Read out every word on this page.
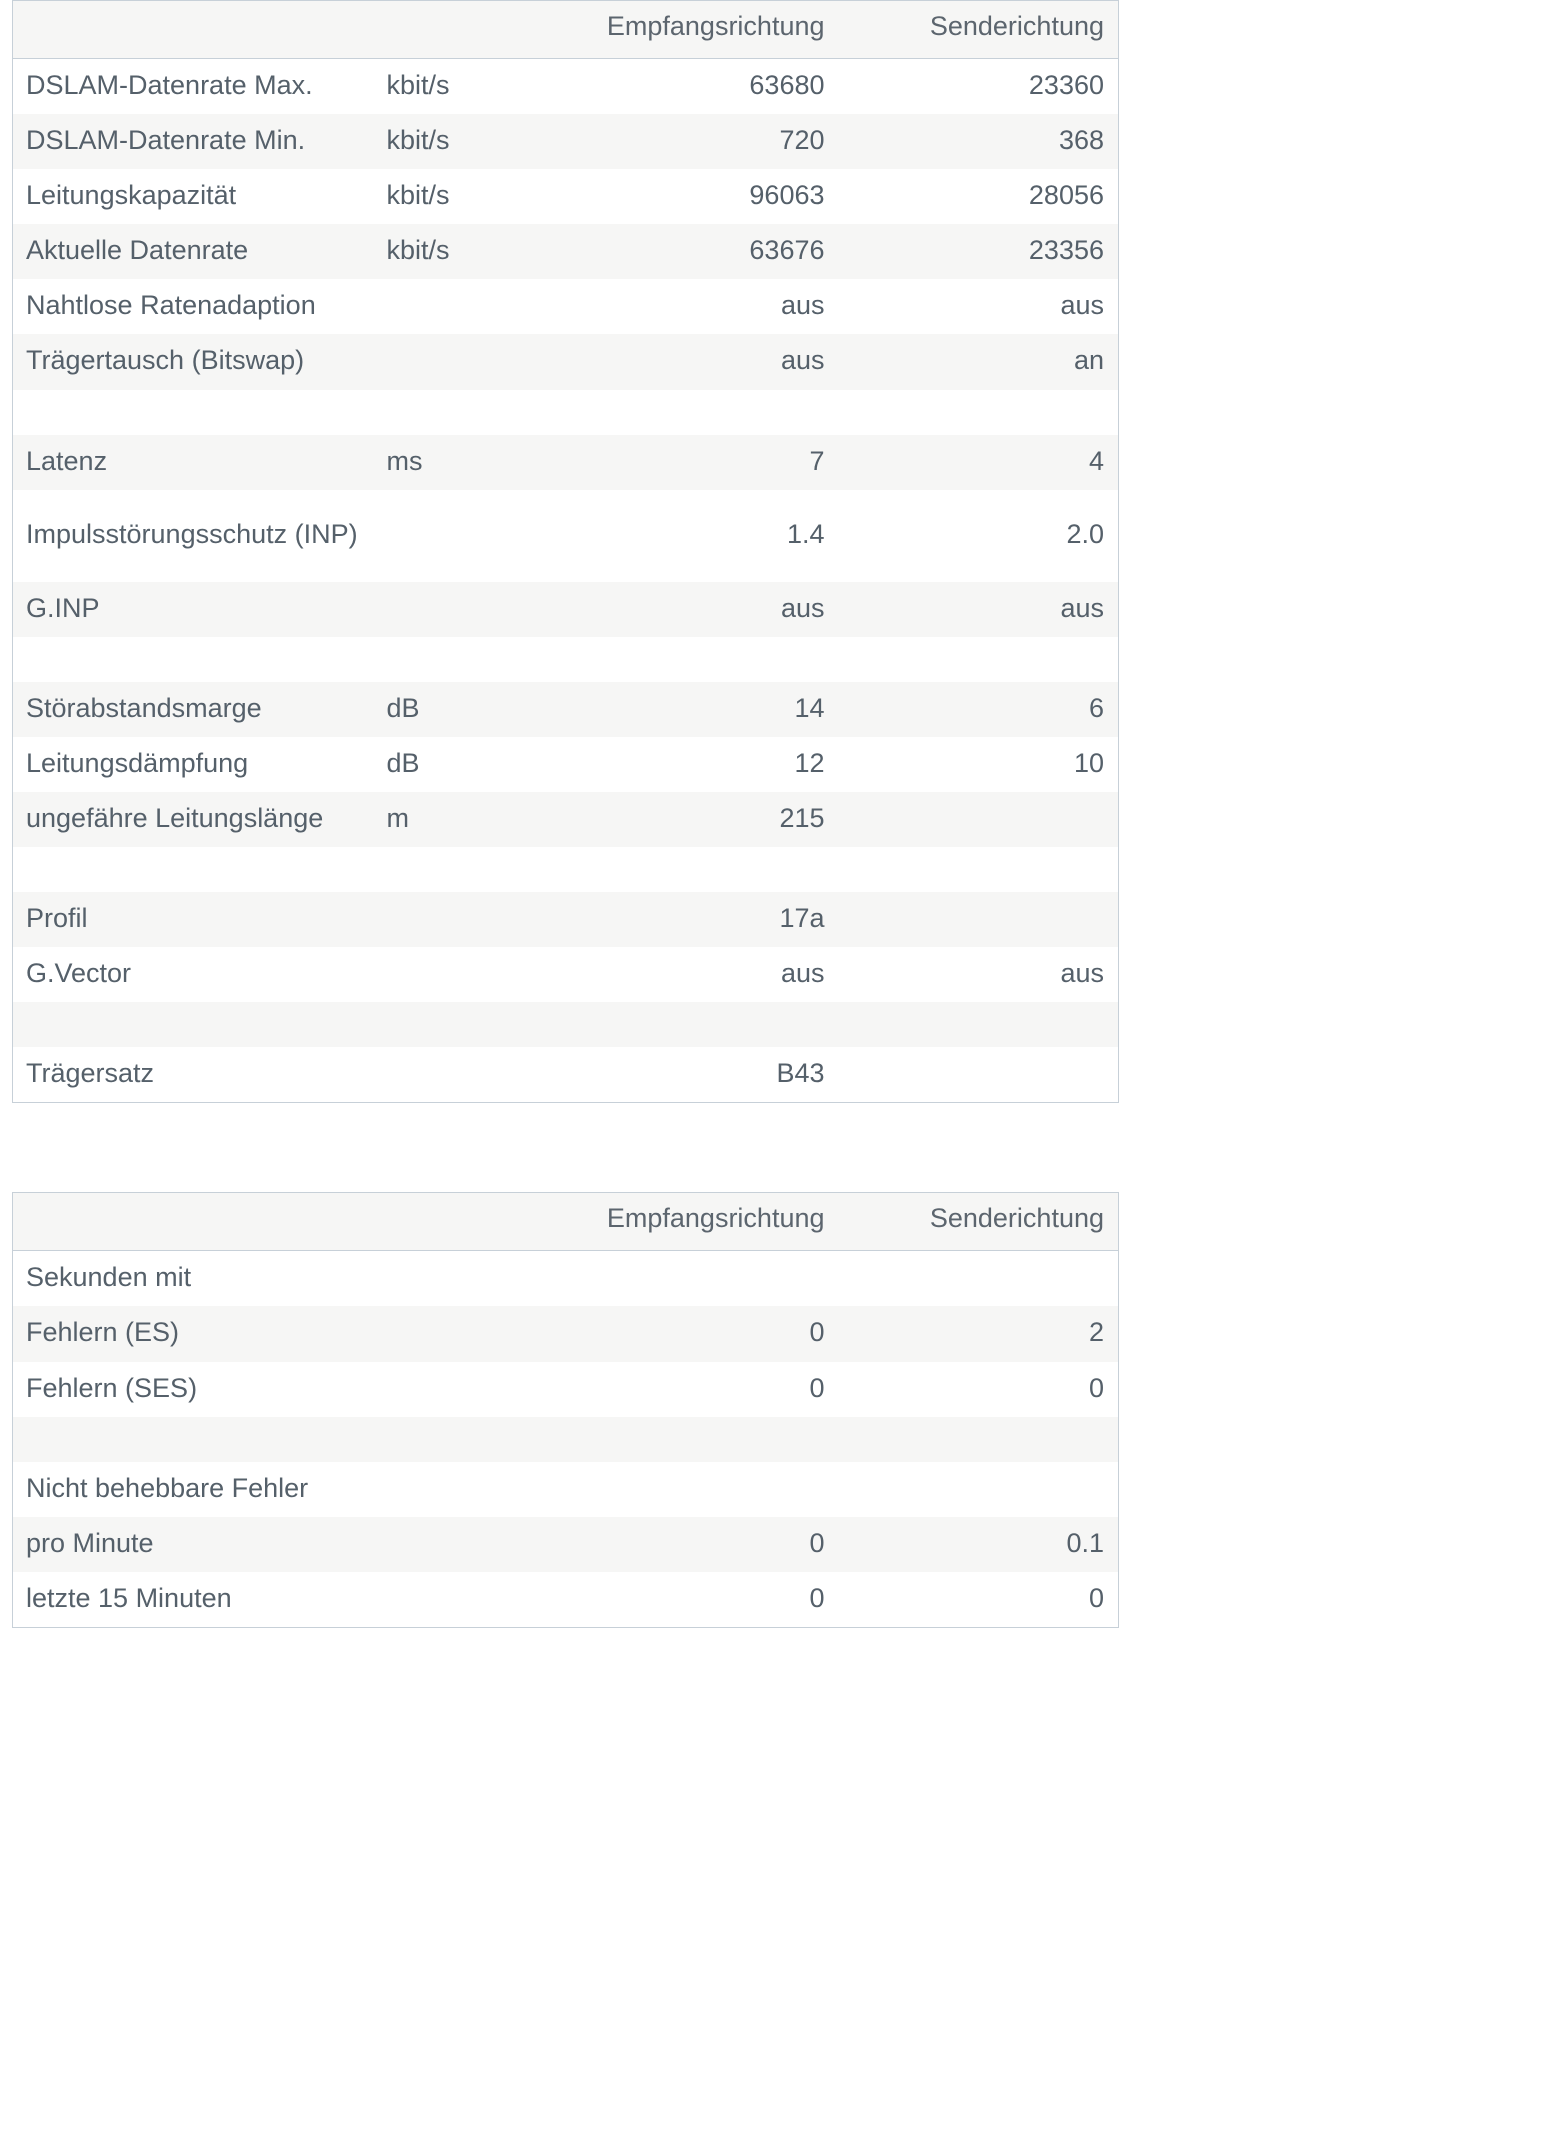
		Empfangsrichtung	Senderichtung
DSLAM-Datenrate Max.	kbit/s	63680	23360
DSLAM-Datenrate Min.	kbit/s	720	368
Leitungskapazität	kbit/s	96063	28056
Aktuelle Datenrate	kbit/s	63676	23356
Nahtlose Ratenadaption		aus	aus
Trägertausch (Bitswap)		aus	an

Latenz	ms	7	4
Impulsstörungsschutz (INP)		1.4	2.0
G.INP		aus	aus

Störabstandsmarge	dB	14	6
Leitungsdämpfung	dB	12	10
ungefähre Leitungslänge	m	215	

Profil		17a	
G.Vector		aus	aus

Trägersatz		B43	
		Empfangsrichtung	Senderichtung
Sekunden mit			
Fehlern (ES)		0	2
Fehlern (SES)		0	0

Nicht behebbare Fehler			
pro Minute		0	0.1
letzte 15 Minuten		0	0
